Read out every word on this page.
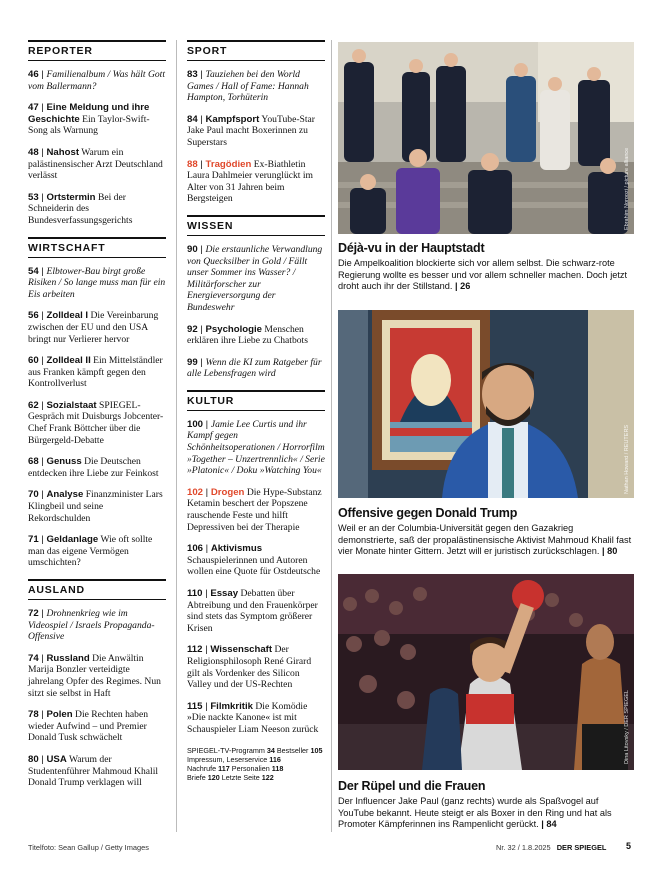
REPORTER
46 | Familienalbum / Was hält Gott vom Ballermann?
47 | Eine Meldung und ihre Geschichte Ein Taylor-Swift-Song als Warnung
48 | Nahost Warum ein palästinensischer Arzt Deutschland verlässt
53 | Ortstermin Bei der Schneiderin des Bundesverfassungsgerichts
WIRTSCHAFT
54 | Elbtower-Bau birgt große Risiken / So lange muss man für ein Eis arbeiten
56 | Zolldeal I Die Vereinbarung zwischen der EU und den USA bringt nur Verlierer hervor
60 | Zolldeal II Ein Mittelständler aus Franken kämpft gegen den Kontrollverlust
62 | Sozialstaat SPIEGEL-Gespräch mit Duisburgs Jobcenter-Chef Frank Böttcher über die Bürgergeld-Debatte
68 | Genuss Die Deutschen entdecken ihre Liebe zur Feinkost
70 | Analyse Finanzminister Lars Klingbeil und seine Rekordschulden
71 | Geldanlage Wie oft sollte man das eigene Vermögen umschichten?
AUSLAND
72 | Drohnenkrieg wie im Videospiel / Israels Propaganda-Offensive
74 | Russland Die Anwältin Marija Bonzler verteidigte jahrelang Opfer des Regimes. Nun sitzt sie selbst in Haft
78 | Polen Die Rechten haben wieder Aufwind – und Premier Donald Tusk schwächelt
80 | USA Warum der Studentenführer Mahmoud Khalil Donald Trump verklagen will
SPORT
83 | Tauziehen bei den World Games / Hall of Fame: Hannah Hampton, Torhüterin
84 | Kampfsport YouTube-Star Jake Paul macht Boxerinnen zu Superstars
88 | Tragödien Ex-Biathletin Laura Dahlmeier verunglückt im Alter von 31 Jahren beim Bergsteigen
WISSEN
90 | Die erstaunliche Verwandlung von Quecksilber in Gold / Fällt unser Sommer ins Wasser? / Militärforscher zur Energieversorgung der Bundeswehr
92 | Psychologie Menschen erklären ihre Liebe zu Chatbots
99 | Wenn die KI zum Ratgeber für alle Lebensfragen wird
KULTUR
100 | Jamie Lee Curtis und ihr Kampf gegen Schönheitsoperationen / Horrorfilm »Together – Unzertrennlich« / Serie »Platonic« / Doku »Watching You«
102 | Drogen Die Hype-Substanz Ketamin beschert der Popszene rauschende Feste und hilft Depressiven bei der Therapie
106 | Aktivismus Schauspielerinnen und Autoren wollen eine Quote für Ostdeutsche
110 | Essay Debatten über Abtreibung und den Frauenkörper sind stets das Symptom größerer Krisen
112 | Wissenschaft Der Religionsphilosoph René Girard gilt als Vordenker des Silicon Valley und der US-Rechten
115 | Filmkritik Die Komödie »Die nackte Kanone« ist mit Schauspieler Liam Neeson zurück
SPIEGEL-TV-Programm 34 Bestseller 105
Impressum, Leserservice 116
Nachrufe 117 Personalien 118
Briefe 120 Letzte Seite 122
Ebrahim Noroozi / picture alliance
Déjà-vu in der Hauptstadt

Die Ampelkoalition blockierte sich vor allem selbst. Die schwarz-rote Regierung wollte es besser und vor allem schneller machen. Doch jetzt droht auch ihr der Stillstand. | 26

Nathan Howard / REUTERS
Offensive gegen Donald Trump

Weil er an der Columbia-Universität gegen den Gazakrieg demonstrierte, saß der propalästinensische Aktivist Mahmoud Khalil fast vier Monate hinter Gittern. Jetzt will er juristisch zurückschlagen. | 80

Dina Litovsky / DER SPIEGEL
Der Rüpel und die Frauen

Der Influencer Jake Paul (ganz rechts) wurde als Spaßvogel auf YouTube bekannt. Heute steigt er als Boxer in den Ring und hat als Promoter Kämpferinnen ins Rampenlicht gerückt. | 84

Titelfoto: Sean Gallup / Getty Images	Nr. 32 / 1.8.2025 DER SPIEGEL 5
